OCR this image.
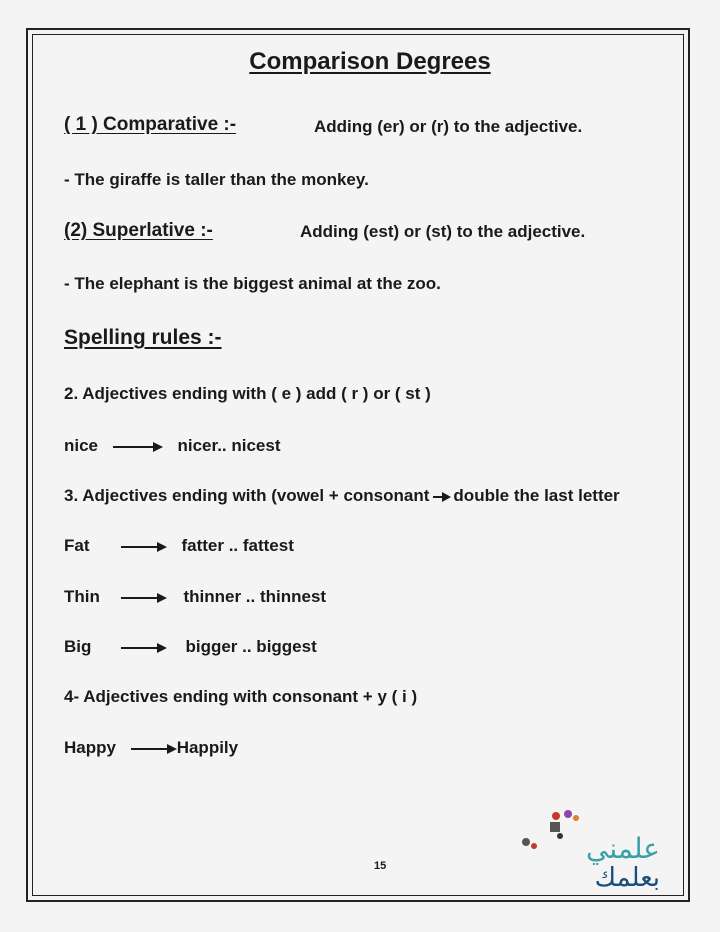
Comparison Degrees
( 1 ) Comparative :-	Adding (er) or (r) to the adjective.
- The giraffe is taller than the monkey.
(2) Superlative :-	Adding (est) or (st) to the adjective.
- The elephant is the biggest animal at the zoo.
Spelling rules :-
2. Adjectives ending with ( e ) add ( r ) or ( st )
nice	nicer.. nicest
3. Adjectives ending with (vowel + consonantdouble the last letter
Fat	fatter .. fattest
Thin	thinner .. thinnest
Big	bigger .. biggest
4- Adjectives ending with consonant + y ( i )
Happy	Happily
15
علمني
بعلمك
